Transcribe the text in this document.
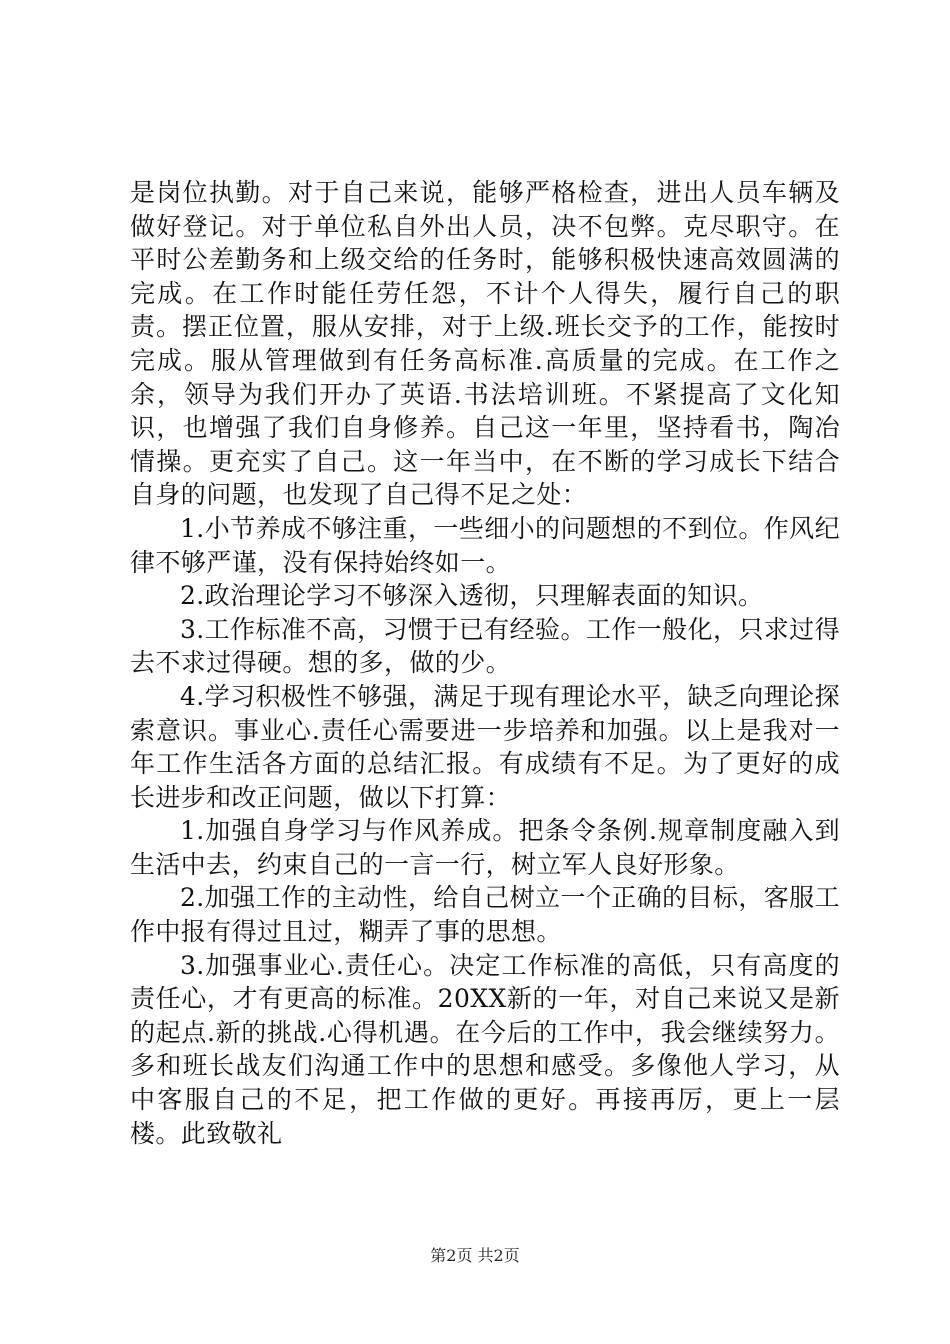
是岗位执勤。对于自己来说，能够严格检查，进出人员车辆及做好登记。对于单位私自外出人员，决不包弊。克尽职守。在平时公差勤务和上级交给的任务时，能够积极快速高效圆满的完成。在工作时能任劳任怨，不计个人得失，履行自己的职责。摆正位置，服从安排，对于上级.班长交予的工作，能按时完成。服从管理做到有任务高标准.高质量的完成。在工作之余，领导为我们开办了英语.书法培训班。不紧提高了文化知识，也增强了我们自身修养。自己这一年里，坚持看书，陶冶情操。更充实了自己。这一年当中，在不断的学习成长下结合自身的问题，也发现了自己得不足之处：

1.小节养成不够注重，一些细小的问题想的不到位。作风纪律不够严谨，没有保持始终如一。

2.政治理论学习不够深入透彻，只理解表面的知识。

3.工作标准不高，习惯于已有经验。工作一般化，只求过得去不求过得硬。想的多，做的少。

4.学习积极性不够强，满足于现有理论水平，缺乏向理论探索意识。事业心.责任心需要进一步培养和加强。以上是我对一年工作生活各方面的总结汇报。有成绩有不足。为了更好的成长进步和改正问题，做以下打算：

1.加强自身学习与作风养成。把条令条例.规章制度融入到生活中去，约束自己的一言一行，树立军人良好形象。

2.加强工作的主动性，给自己树立一个正确的目标，客服工作中报有得过且过，糊弄了事的思想。

3.加强事业心.责任心。决定工作标准的高低，只有高度的责任心，才有更高的标准。20XX新的一年，对自己来说又是新的起点.新的挑战.心得机遇。在今后的工作中，我会继续努力。多和班长战友们沟通工作中的思想和感受。多像他人学习，从中客服自己的不足，把工作做的更好。再接再厉，更上一层楼。此致敬礼

第2页 共2页
